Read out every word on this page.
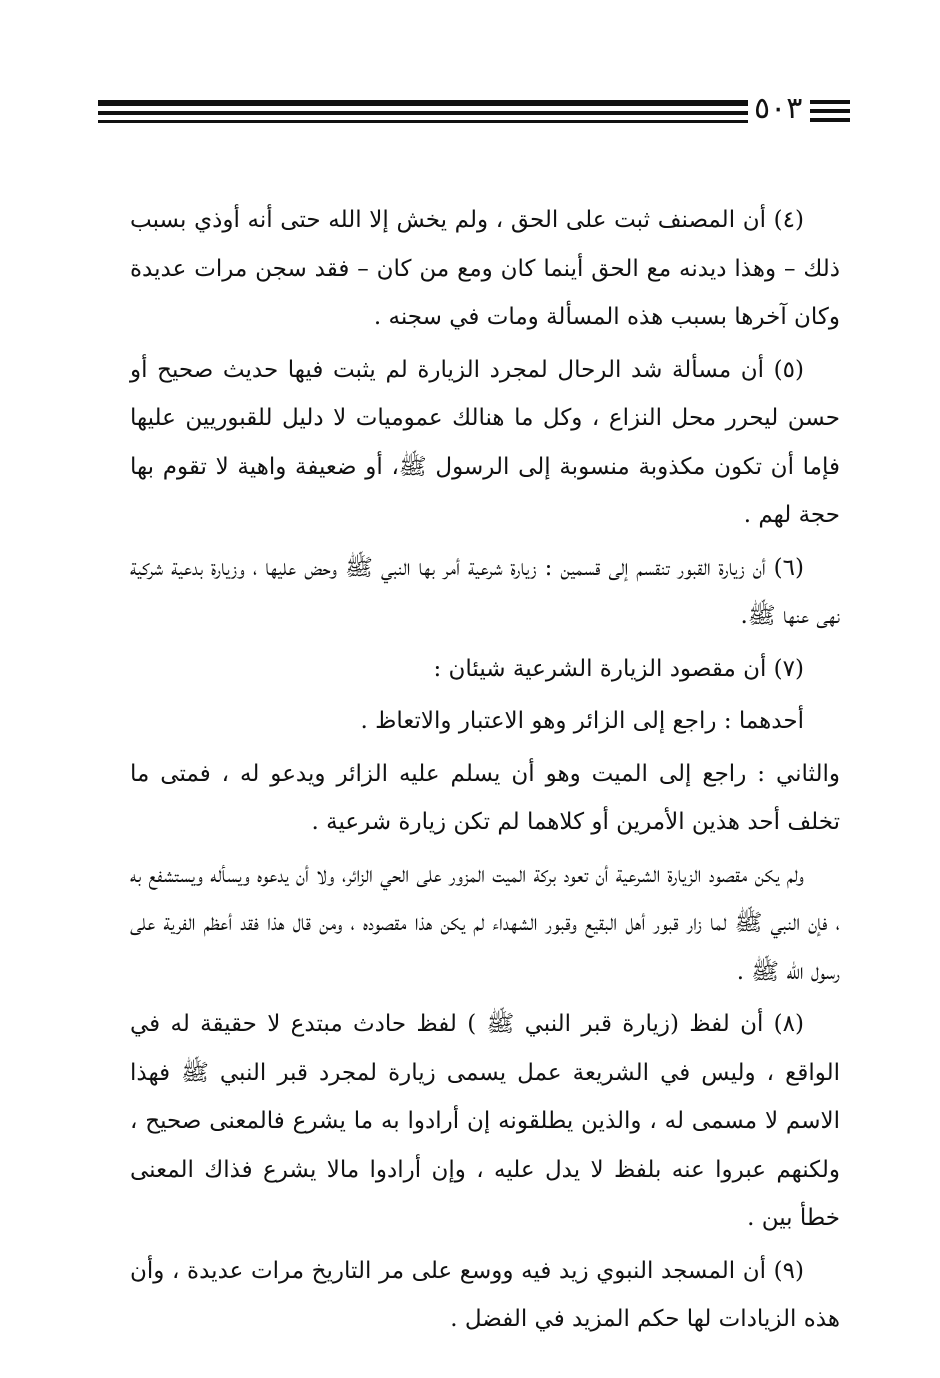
٥٠٣

(٤) أن المصنف ثبت على الحق ، ولم يخش إلا الله حتى أنه أوذي بسبب ذلك – وهذا ديدنه مع الحق أينما كان ومع من كان – فقد سجن مرات عديدة وكان آخرها بسبب هذه المسألة ومات في سجنه .

(٥) أن مسألة شد الرحال لمجرد الزيارة لم يثبت فيها حديث صحيح أو حسن ليحرر محل النزاع ، وكل ما هنالك عموميات لا دليل للقبوريين عليها فإما أن تكون مكذوبة منسوبة إلى الرسول ﷺ، أو ضعيفة واهية لا تقوم بها حجة لهم .

(٦) أن زيارة القبور تنقسم إلى قسمين : زيارة شرعية أمر بها النبي ﷺ وحض عليها ، وزيارة بدعية شركية نهى عنها ﷺ.

(٧) أن مقصود الزيارة الشرعية شيئان :

أحدهما : راجع إلى الزائر وهو الاعتبار والاتعاظ .

والثاني : راجع إلى الميت وهو أن يسلم عليه الزائر ويدعو له ، فمتى ما تخلف أحد هذين الأمرين أو كلاهما لم تكن زيارة شرعية .

ولم يكن مقصود الزيارة الشرعية أن تعود بركة الميت المزور على الحي الزائر، ولا أن يدعوه ويسأله ويستشفع به ، فإن النبي ﷺ لما زار قبور أهل البقيع وقبور الشهداء لم يكن هذا مقصوده ، ومن قال هذا فقد أعظم الفرية على رسول الله ﷺ .

(٨) أن لفظ (زيارة قبر النبي ﷺ ) لفظ حادث مبتدع لا حقيقة له في الواقع ، وليس في الشريعة عمل يسمى زيارة لمجرد قبر النبي ﷺ فهذا الاسم لا مسمى له ، والذين يطلقونه إن أرادوا به ما يشرع فالمعنى صحيح ، ولكنهم عبروا عنه بلفظ لا يدل عليه ، وإن أرادوا مالا يشرع فذاك المعنى خطأ بين .

(٩) أن المسجد النبوي زيد فيه ووسع على مر التاريخ مرات عديدة ، وأن هذه الزيادات لها حكم المزيد في الفضل .
